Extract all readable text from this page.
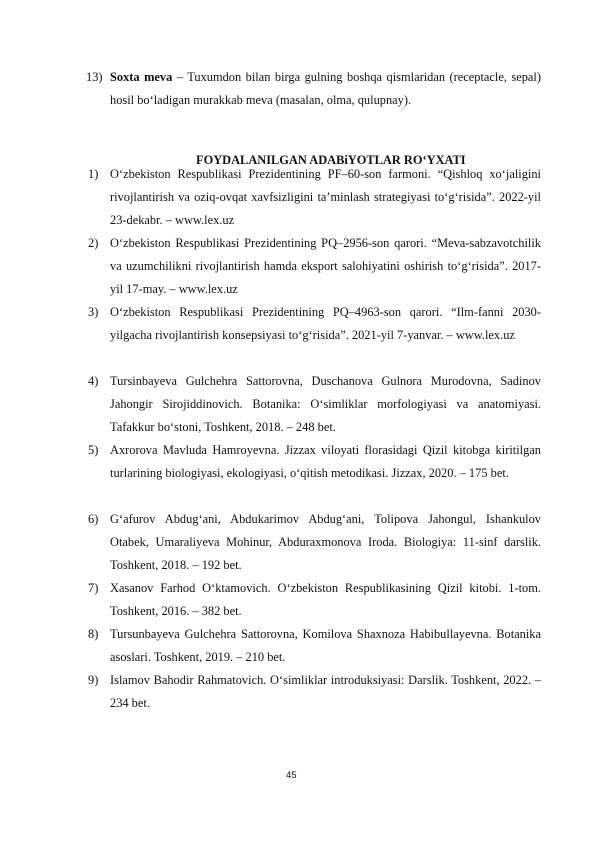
13) Soxta meva – Tuxumdon bilan birga gulning boshqa qismlaridan (receptacle, sepal) hosil bo‘ladigan murakkab meva (masalan, olma, qulupnay).
FOYDALANILGAN ADABiYOTLAR RO‘YXATI
1) O‘zbekiston Respublikasi Prezidentining PF–60-son farmoni. “Qishloq xo‘jaligini rivojlantirish va oziq-ovqat xavfsizligini ta’minlash strategiyasi to‘g‘risida”. 2022-yil 23-dekabr. – www.lex.uz
2) O‘zbekiston Respublikasi Prezidentining PQ–2956-son qarori. “Meva-sabzavotchilik va uzumchilikni rivojlantirish hamda eksport salohiyatini oshirish to‘g‘risida”. 2017-yil 17-may. – www.lex.uz
3) O‘zbekiston Respublikasi Prezidentining PQ–4963-son qarori. “Ilm-fanni 2030-yilgacha rivojlantirish konsepsiyasi to‘g‘risida”. 2021-yil 7-yanvar. – www.lex.uz
4) Tursinbayeva Gulchehra Sattorovna, Duschanova Gulnora Murodovna, Sadinov Jahongir Sirojiddinovich. Botanika: O‘simliklar morfologiyasi va anatomiyasi. Tafakkur bo‘stoni, Toshkent, 2018. – 248 bet.
5) Axrorova Mavluda Hamroyevna. Jizzax viloyati florasidagi Qizil kitobga kiritilgan turlarining biologiyasi, ekologiyasi, o‘qitish metodikasi. Jizzax, 2020. – 175 bet.
6) G‘afurov Abdug‘ani, Abdukarimov Abdug‘ani, Tolipova Jahongul, Ishankulov Otabek, Umaraliyeva Mohinur, Abduraxmonova Iroda. Biologiya: 11-sinf darslik. Toshkent, 2018. – 192 bet.
7) Xasanov Farhod O‘ktamovich. O‘zbekiston Respublikasining Qizil kitobi. 1-tom. Toshkent, 2016. – 382 bet.
8) Tursunbayeva Gulchehra Sattorovna, Komilova Shaxnoza Habibullayevna. Botanika asoslari. Toshkent, 2019. – 210 bet.
9) Islamov Bahodir Rahmatovich. O‘simliklar introduksiyasi: Darslik. Toshkent, 2022. – 234 bet.
45
